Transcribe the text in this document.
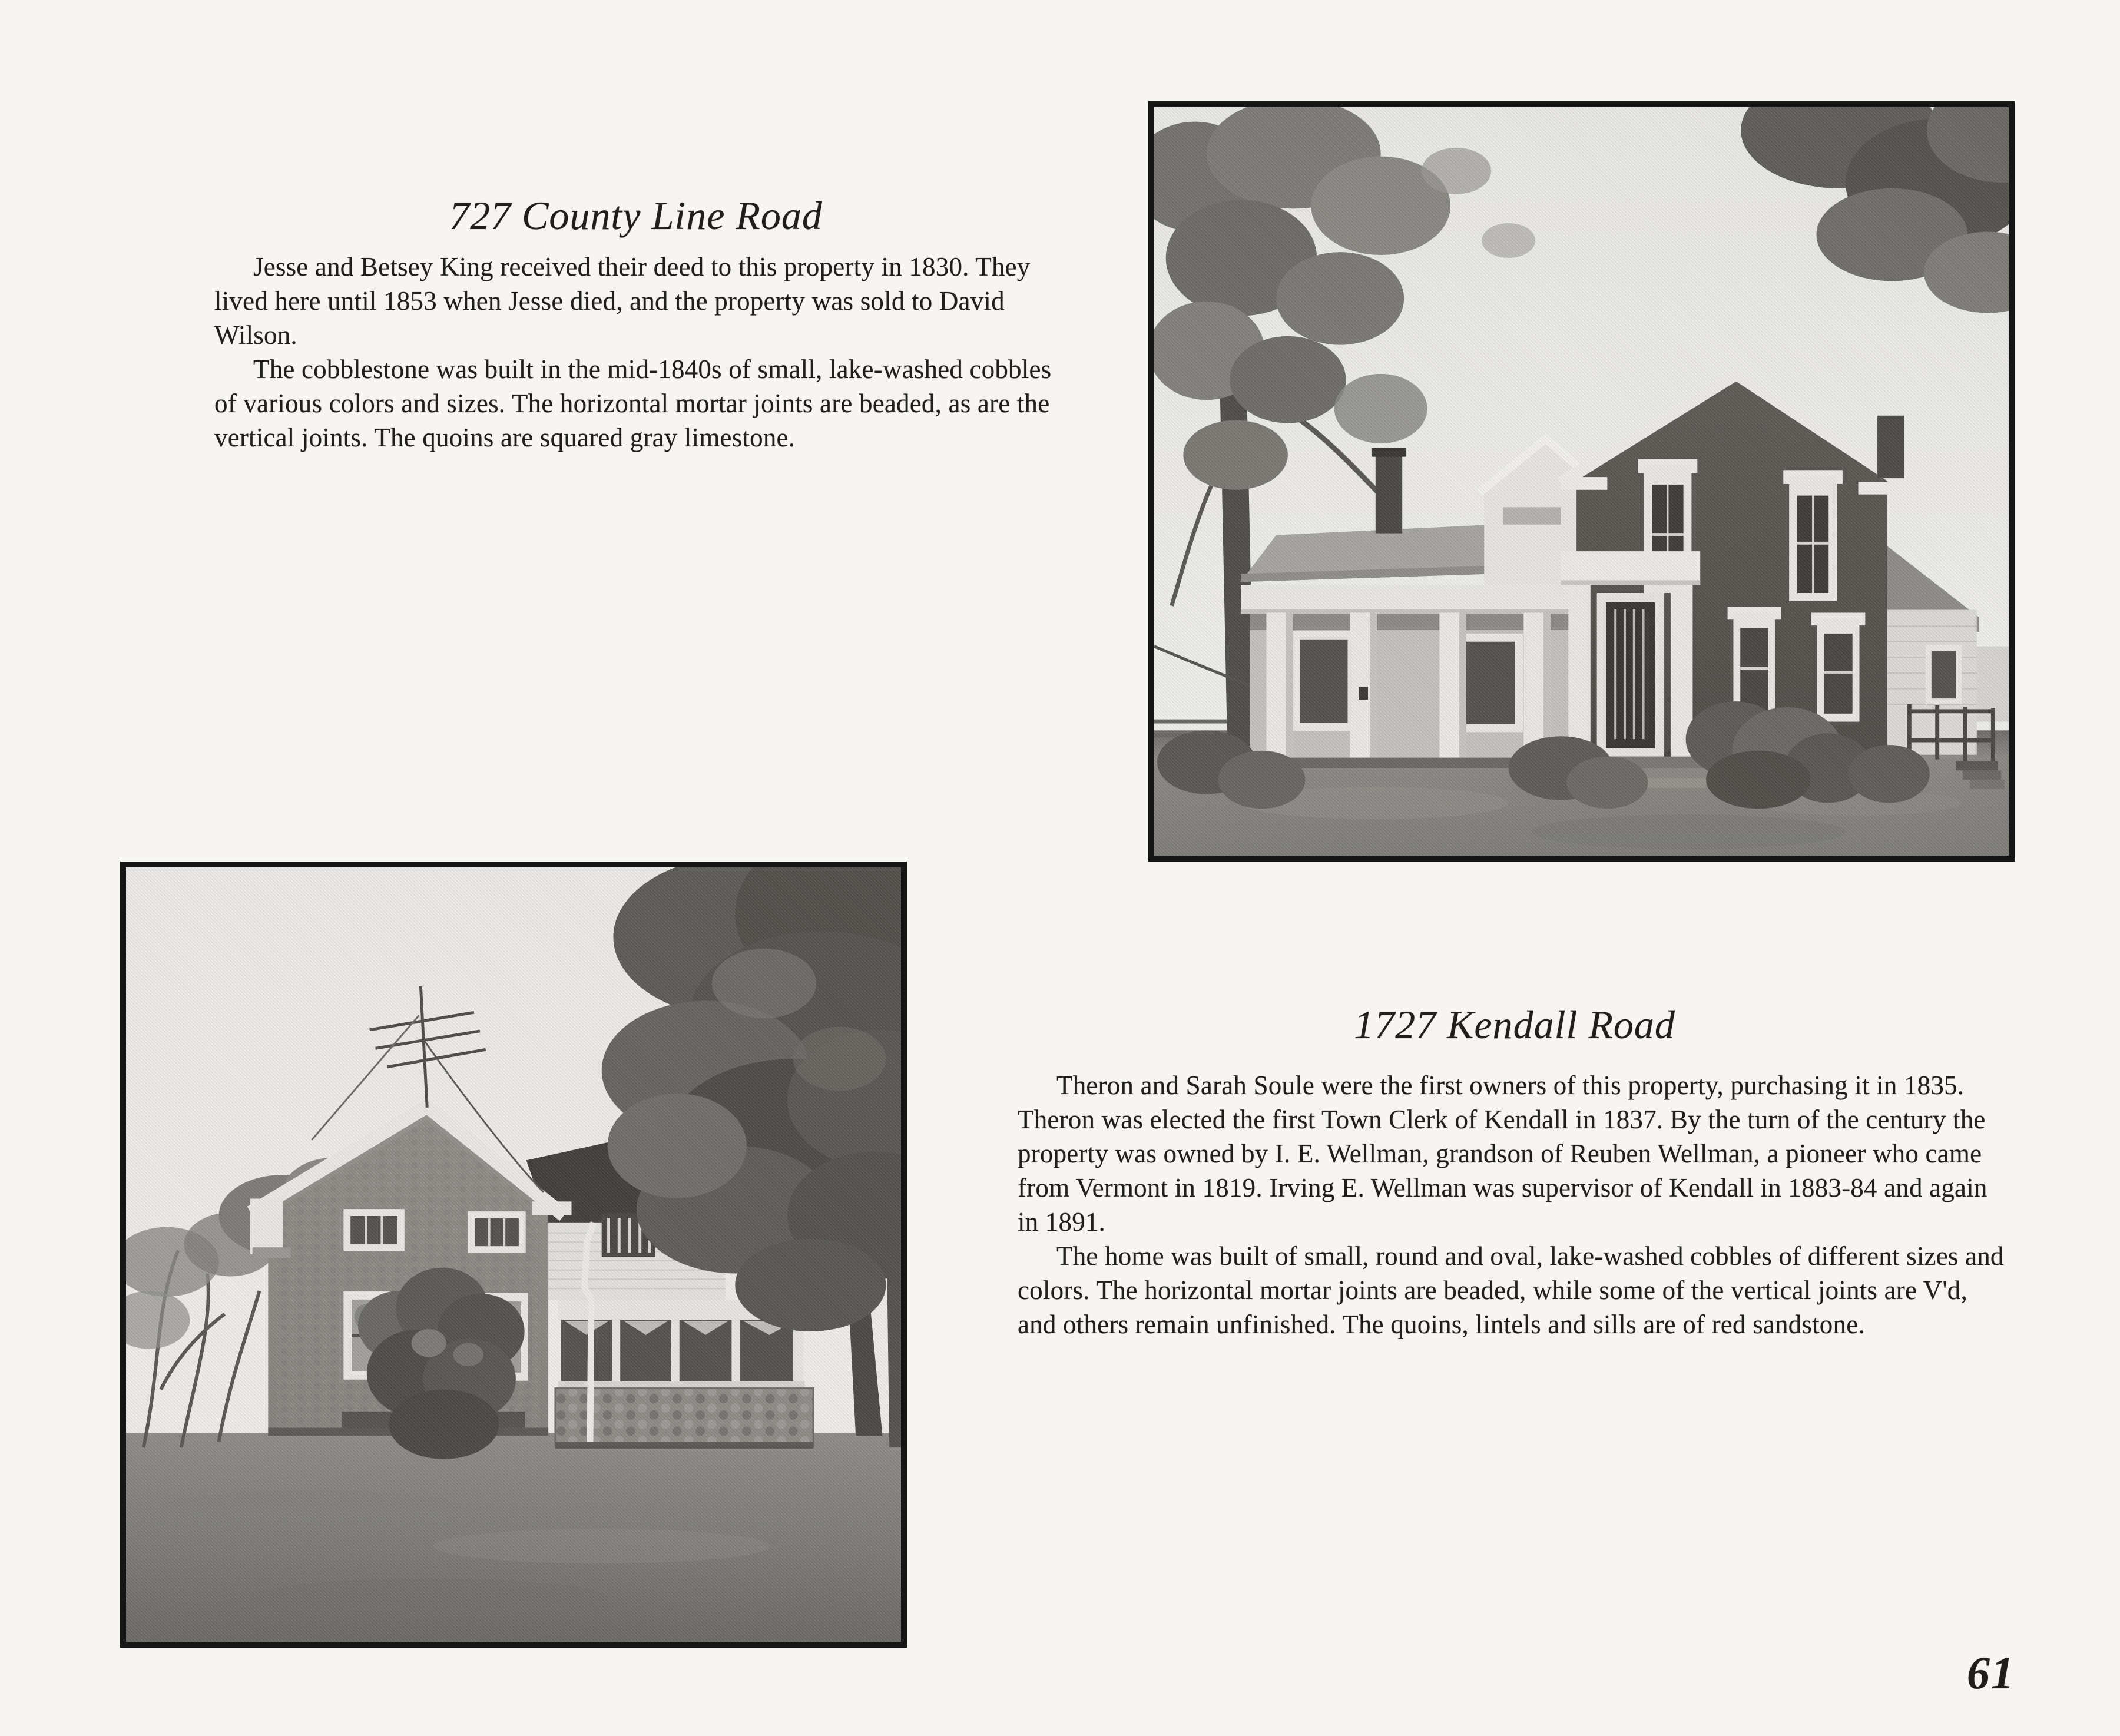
727 County Line Road

Jesse and Betsey King received their deed to this property in 1830. They lived here until 1853 when Jesse died, and the property was sold to David Wilson.

The cobblestone was built in the mid-1840s of small, lake-washed cobbles of various colors and sizes. The horizontal mortar joints are beaded, as are the vertical joints. The quoins are squared gray limestone.

1727 Kendall Road

Theron and Sarah Soule were the first owners of this property, purchasing it in 1835. Theron was elected the first Town Clerk of Kendall in 1837. By the turn of the century the property was owned by I. E. Wellman, grandson of Reuben Wellman, a pioneer who came from Vermont in 1819. Irving E. Wellman was supervisor of Kendall in 1883-84 and again in 1891.

The home was built of small, round and oval, lake-washed cobbles of different sizes and colors. The horizontal mortar joints are beaded, while some of the vertical joints are V'd, and others remain unfinished. The quoins, lintels and sills are of red sandstone.

61
